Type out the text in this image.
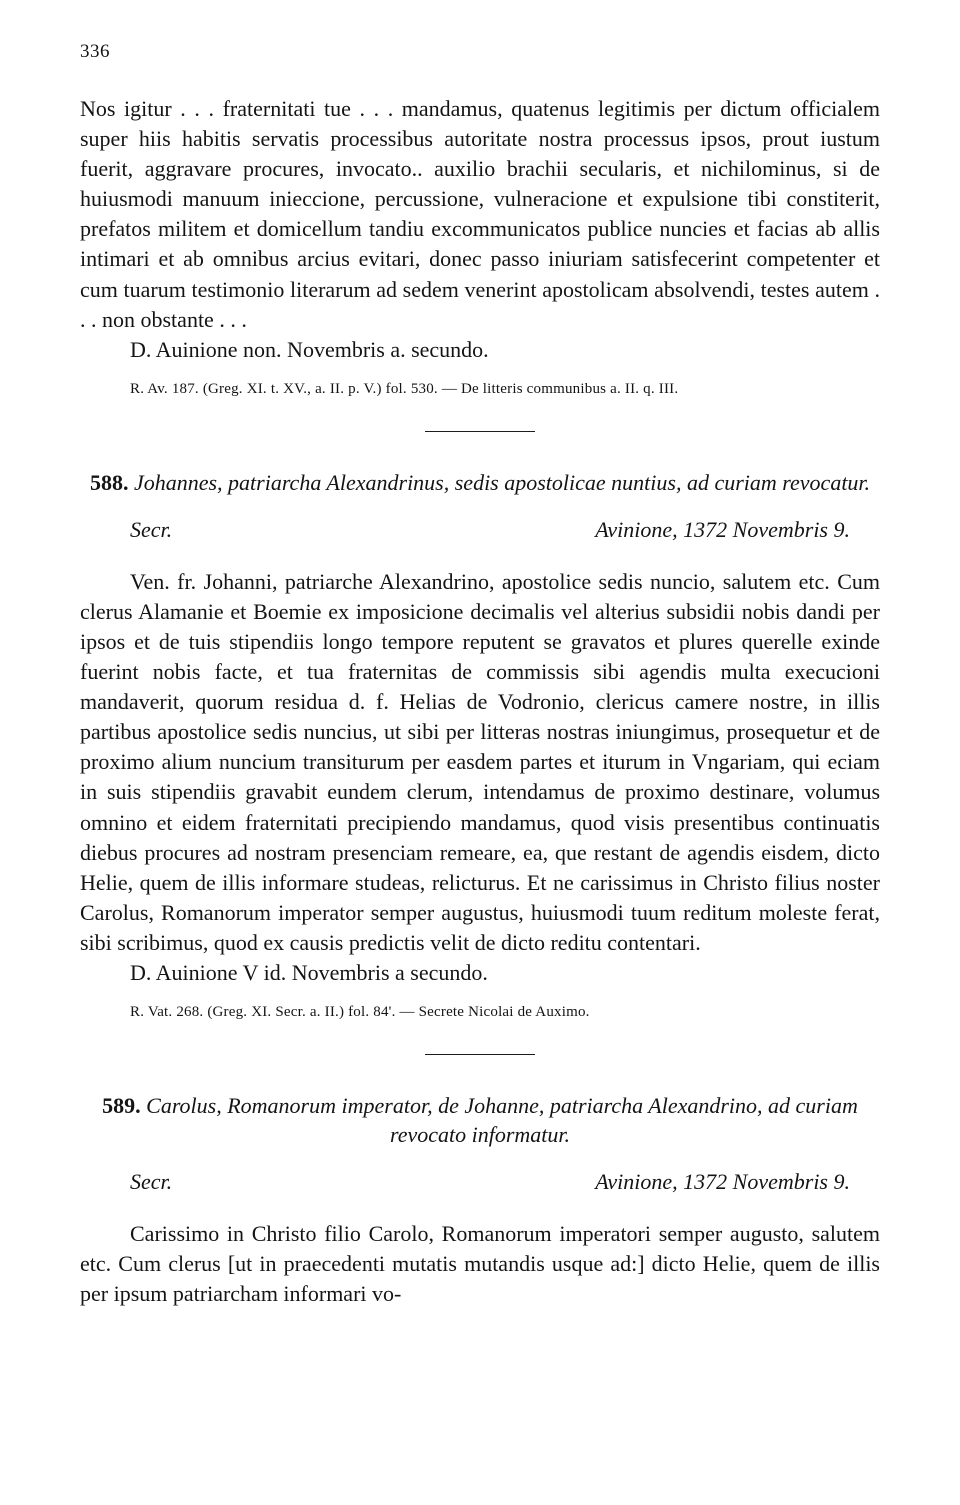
336

Nos igitur . . . fraternitati tue . . . mandamus, quatenus legitimis per dictum officialem super hiis habitis servatis processibus autoritate nostra processus ipsos, prout iustum fuerit, aggravare procures, invocato.. auxilio brachii secularis, et nichilominus, si de huiusmodi manuum inieccione, percussione, vulneracione et expulsione tibi constiterit, prefatos militem et domicellum tandiu excommunicatos publice nuncies et facias ab allis intimari et ab omnibus arcius evitari, donec passo iniuriam satisfecerint competenter et cum tuarum testimonio literarum ad sedem venerint apostolicam absolvendi, testes autem . . . non obstante . . .

D. Auinione non. Novembris a. secundo.

R. Av. 187. (Greg. XI. t. XV., a. II. p. V.) fol. 530. — De litteris communibus a. II. q. III.

588. Johannes, patriarcha Alexandrinus, sedis apostolicae nuntius, ad curiam revocatur.
Secr.	Avinione, 1372 Novembris 9.

Ven. fr. Johanni, patriarche Alexandrino, apostolice sedis nuncio, salutem etc. Cum clerus Alamanie et Boemie ex imposicione decimalis vel alterius subsidii nobis dandi per ipsos et de tuis stipendiis longo tempore reputent se gravatos et plures querelle exinde fuerint nobis facte, et tua fraternitas de commissis sibi agendis multa execucioni mandaverit, quorum residua d. f. Helias de Vodronio, clericus camere nostre, in illis partibus apostolice sedis nuncius, ut sibi per litteras nostras iniungimus, prosequetur et de proximo alium nuncium transiturum per easdem partes et iturum in Vngariam, qui eciam in suis stipendiis gravabit eundem clerum, intendamus de proximo destinare, volumus omnino et eidem fraternitati precipiendo mandamus, quod visis presentibus continuatis diebus procures ad nostram presenciam remeare, ea, que restant de agendis eisdem, dicto Helie, quem de illis informare studeas, relicturus. Et ne carissimus in Christo filius noster Carolus, Romanorum imperator semper augustus, huiusmodi tuum reditum moleste ferat, sibi scribimus, quod ex causis predictis velit de dicto reditu contentari.

D. Auinione V id. Novembris a secundo.

R. Vat. 268. (Greg. XI. Secr. a. II.) fol. 84'. — Secrete Nicolai de Auximo.

589. Carolus, Romanorum imperator, de Johanne, patriarcha Alexandrino, ad curiam revocato informatur.
Secr.	Avinione, 1372 Novembris 9.

Carissimo in Christo filio Carolo, Romanorum imperatori semper augusto, salutem etc. Cum clerus [ut in praecedenti mutatis mutandis usque ad:] dicto Helie, quem de illis per ipsum patriarcham informari vo-
